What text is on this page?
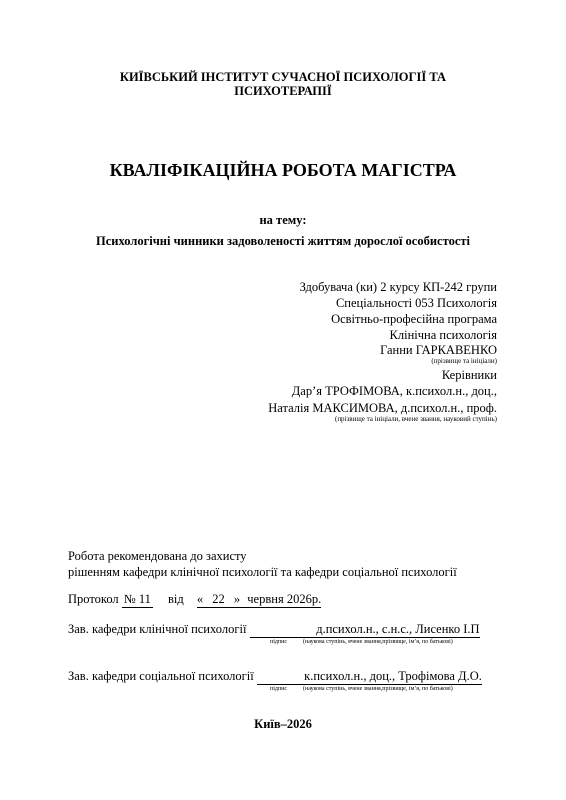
КИЇВСЬКИЙ ІНСТИТУТ СУЧАСНОЇ ПСИХОЛОГІЇ ТА
ПСИХОТЕРАПІЇ
КВАЛІФІКАЦІЙНА РОБОТА МАГІСТРА
на тему:
Психологічні чинники задоволеності життям дорослої особистості
Здобувача (ки) 2 курсу КП-242 групи
Спеціальності 053 Психологія
Освітньо-професійна програма
Клінічна психологія
Ганни ГАРКАВЕНКО
(прізвище та ініціали)
Керівники
Дар’я ТРОФІМОВА, к.психол.н., доц.,
Наталія МАКСИМОВА, д.психол.н., проф.
(прізвище та ініціали, вчене звання, науковий ступінь)
Робота рекомендована до захисту
рішенням кафедри клінічної психології та кафедри соціальної психології
Протокол № 11 від « 22 » червня 2026р.
Зав. кафедри клінічної психології	д.психол.н., с.н.с., Лисенко І.П
підпис	(наукова ступінь, вчене звання,прізвище, ім’я, по батькові)
Зав. кафедри соціальної психології	к.психол.н., доц., Трофімова Д.О.
підпис	(наукова ступінь, вчене звання,прізвище, ім’я, по батькові)
Київ–2026
